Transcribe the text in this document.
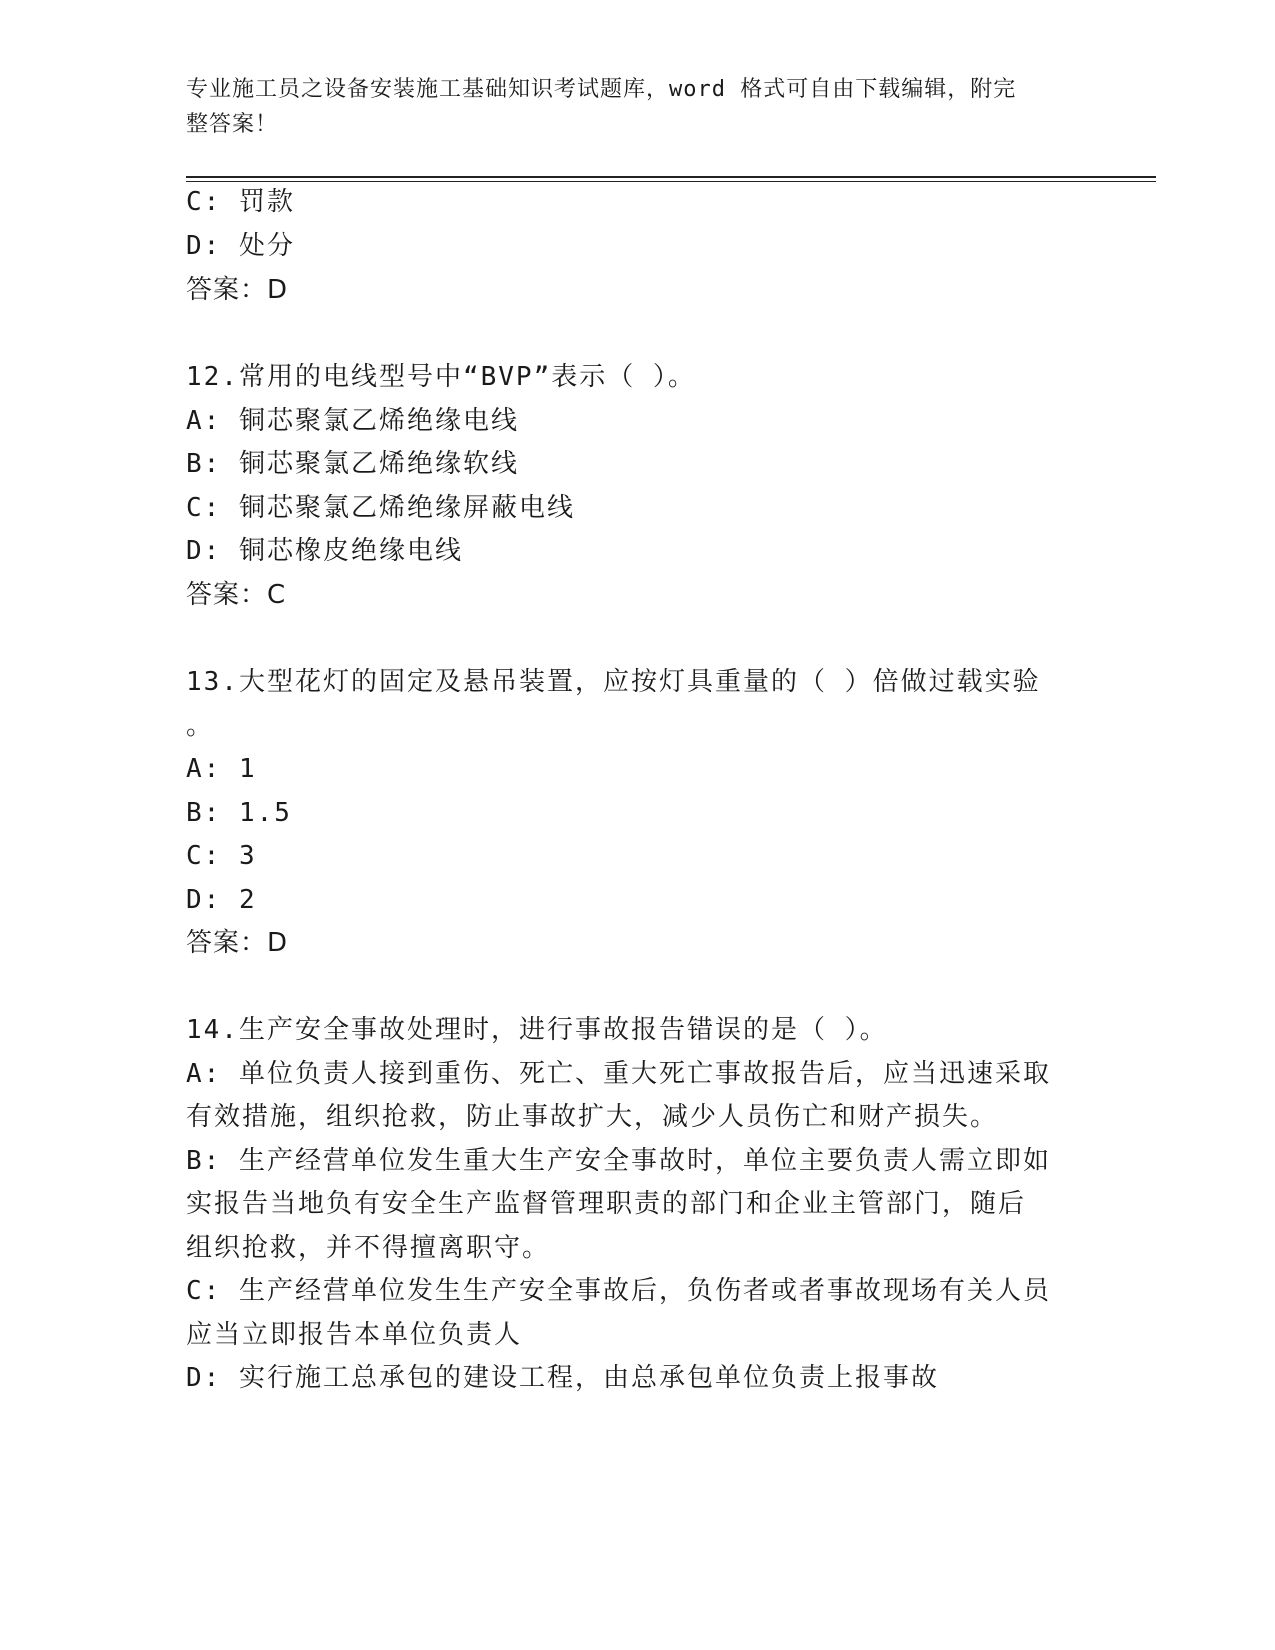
专业施工员之设备安装施工基础知识考试题库，word 格式可自由下载编辑，附完
整答案！
C: 罚款
D: 处分
答案：D
12.常用的电线型号中“BVP”表示（ ）。
A: 铜芯聚氯乙烯绝缘电线
B: 铜芯聚氯乙烯绝缘软线
C: 铜芯聚氯乙烯绝缘屏蔽电线
D: 铜芯橡皮绝缘电线
答案：C
13.大型花灯的固定及悬吊装置，应按灯具重量的（ ）倍做过载实验
。
A: 1
B: 1.5
C: 3
D: 2
答案：D
14.生产安全事故处理时，进行事故报告错误的是（ ）。
A: 单位负责人接到重伤、死亡、重大死亡事故报告后，应当迅速采取
有效措施，组织抢救，防止事故扩大，减少人员伤亡和财产损失。
B: 生产经营单位发生重大生产安全事故时，单位主要负责人需立即如
实报告当地负有安全生产监督管理职责的部门和企业主管部门，随后
组织抢救，并不得擅离职守。
C: 生产经营单位发生生产安全事故后，负伤者或者事故现场有关人员
应当立即报告本单位负责人
D: 实行施工总承包的建设工程，由总承包单位负责上报事故
